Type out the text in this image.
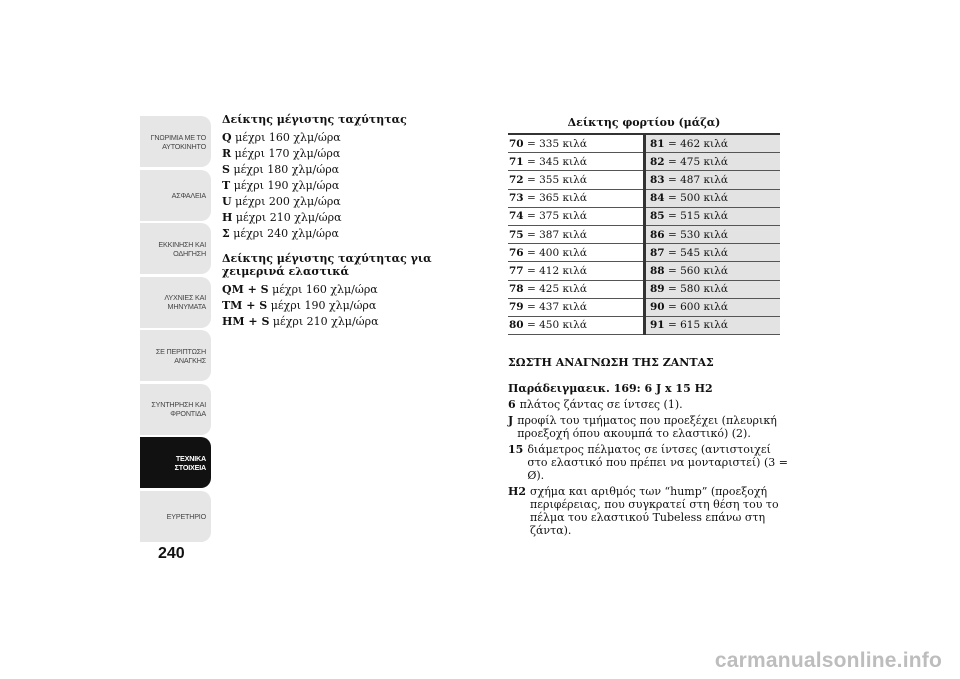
ΓΝΩΡΙΜΙΑ ΜΕ ΤΟ
ΑΥΤΟΚΙΝΗΤΟ
ΑΣΦΑΛΕΙΑ
ΕΚΚΙΝΗΣΗ ΚΑΙ
ΟΔΗΓΗΣΗ
ΛΥΧΝΙΕΣ ΚΑΙ
ΜΗΝΥΜΑΤΑ
ΣΕ ΠΕΡΙΠΤΩΣΗ
ΑΝΑΓΚΗΣ
ΣΥΝΤΗΡΗΣΗ ΚΑΙ
ΦΡΟΝΤΙΔΑ
ΤΕΧΝΙΚΑ
ΣΤΟΙΧΕΙΑ
ΕΥΡΕΤΗΡΙΟ
240
Δείκτης μέγιστης ταχύτητας
Q μέχρι 160 χλμ/ώρα
R μέχρι 170 χλμ/ώρα
S μέχρι 180 χλμ/ώρα
T μέχρι 190 χλμ/ώρα
U μέχρι 200 χλμ/ώρα
H μέχρι 210 χλμ/ώρα
Σ μέχρι 240 χλμ/ώρα
Δείκτης μέγιστης ταχύτητας για χειμερινά ελαστικά
QM + S μέχρι 160 χλμ/ώρα
TM + S μέχρι 190 χλμ/ώρα
HM + S μέχρι 210 χλμ/ώρα
Δείκτης φορτίου (μάζα)
70 = 335 κιλά	81 = 462 κιλά
71 = 345 κιλά	82 = 475 κιλά
72 = 355 κιλά	83 = 487 κιλά
73 = 365 κιλά	84 = 500 κιλά
74 = 375 κιλά	85 = 515 κιλά
75 = 387 κιλά	86 = 530 κιλά
76 = 400 κιλά	87 = 545 κιλά
77 = 412 κιλά	88 = 560 κιλά
78 = 425 κιλά	89 = 580 κιλά
79 = 437 κιλά	90 = 600 κιλά
80 = 450 κιλά	91 = 615 κιλά
ΣΩΣΤΗ ΑΝΑΓΝΩΣΗ ΤΗΣ ΖΑΝΤΑΣ
Παράδειγμαεικ. 169: 6 J x 15 H2
6 πλάτος ζάντας σε ίντσες (1).
J προφίλ του τμήματος που προεξέχει (πλευρική προεξοχή όπου ακουμπά το ελαστικό) (2).
15 διάμετρος πέλματος σε ίντσες (αντιστοιχεί στο ελαστικό που πρέπει να μονταριστεί) (3 = Ø).
H2 σχήμα και αριθμός των “hump” (προεξοχή περιφέρειας, που συγκρατεί στη θέση του το πέλμα του ελαστικού Tubeless επάνω στη ζάντα).
carmanualsonline.info
